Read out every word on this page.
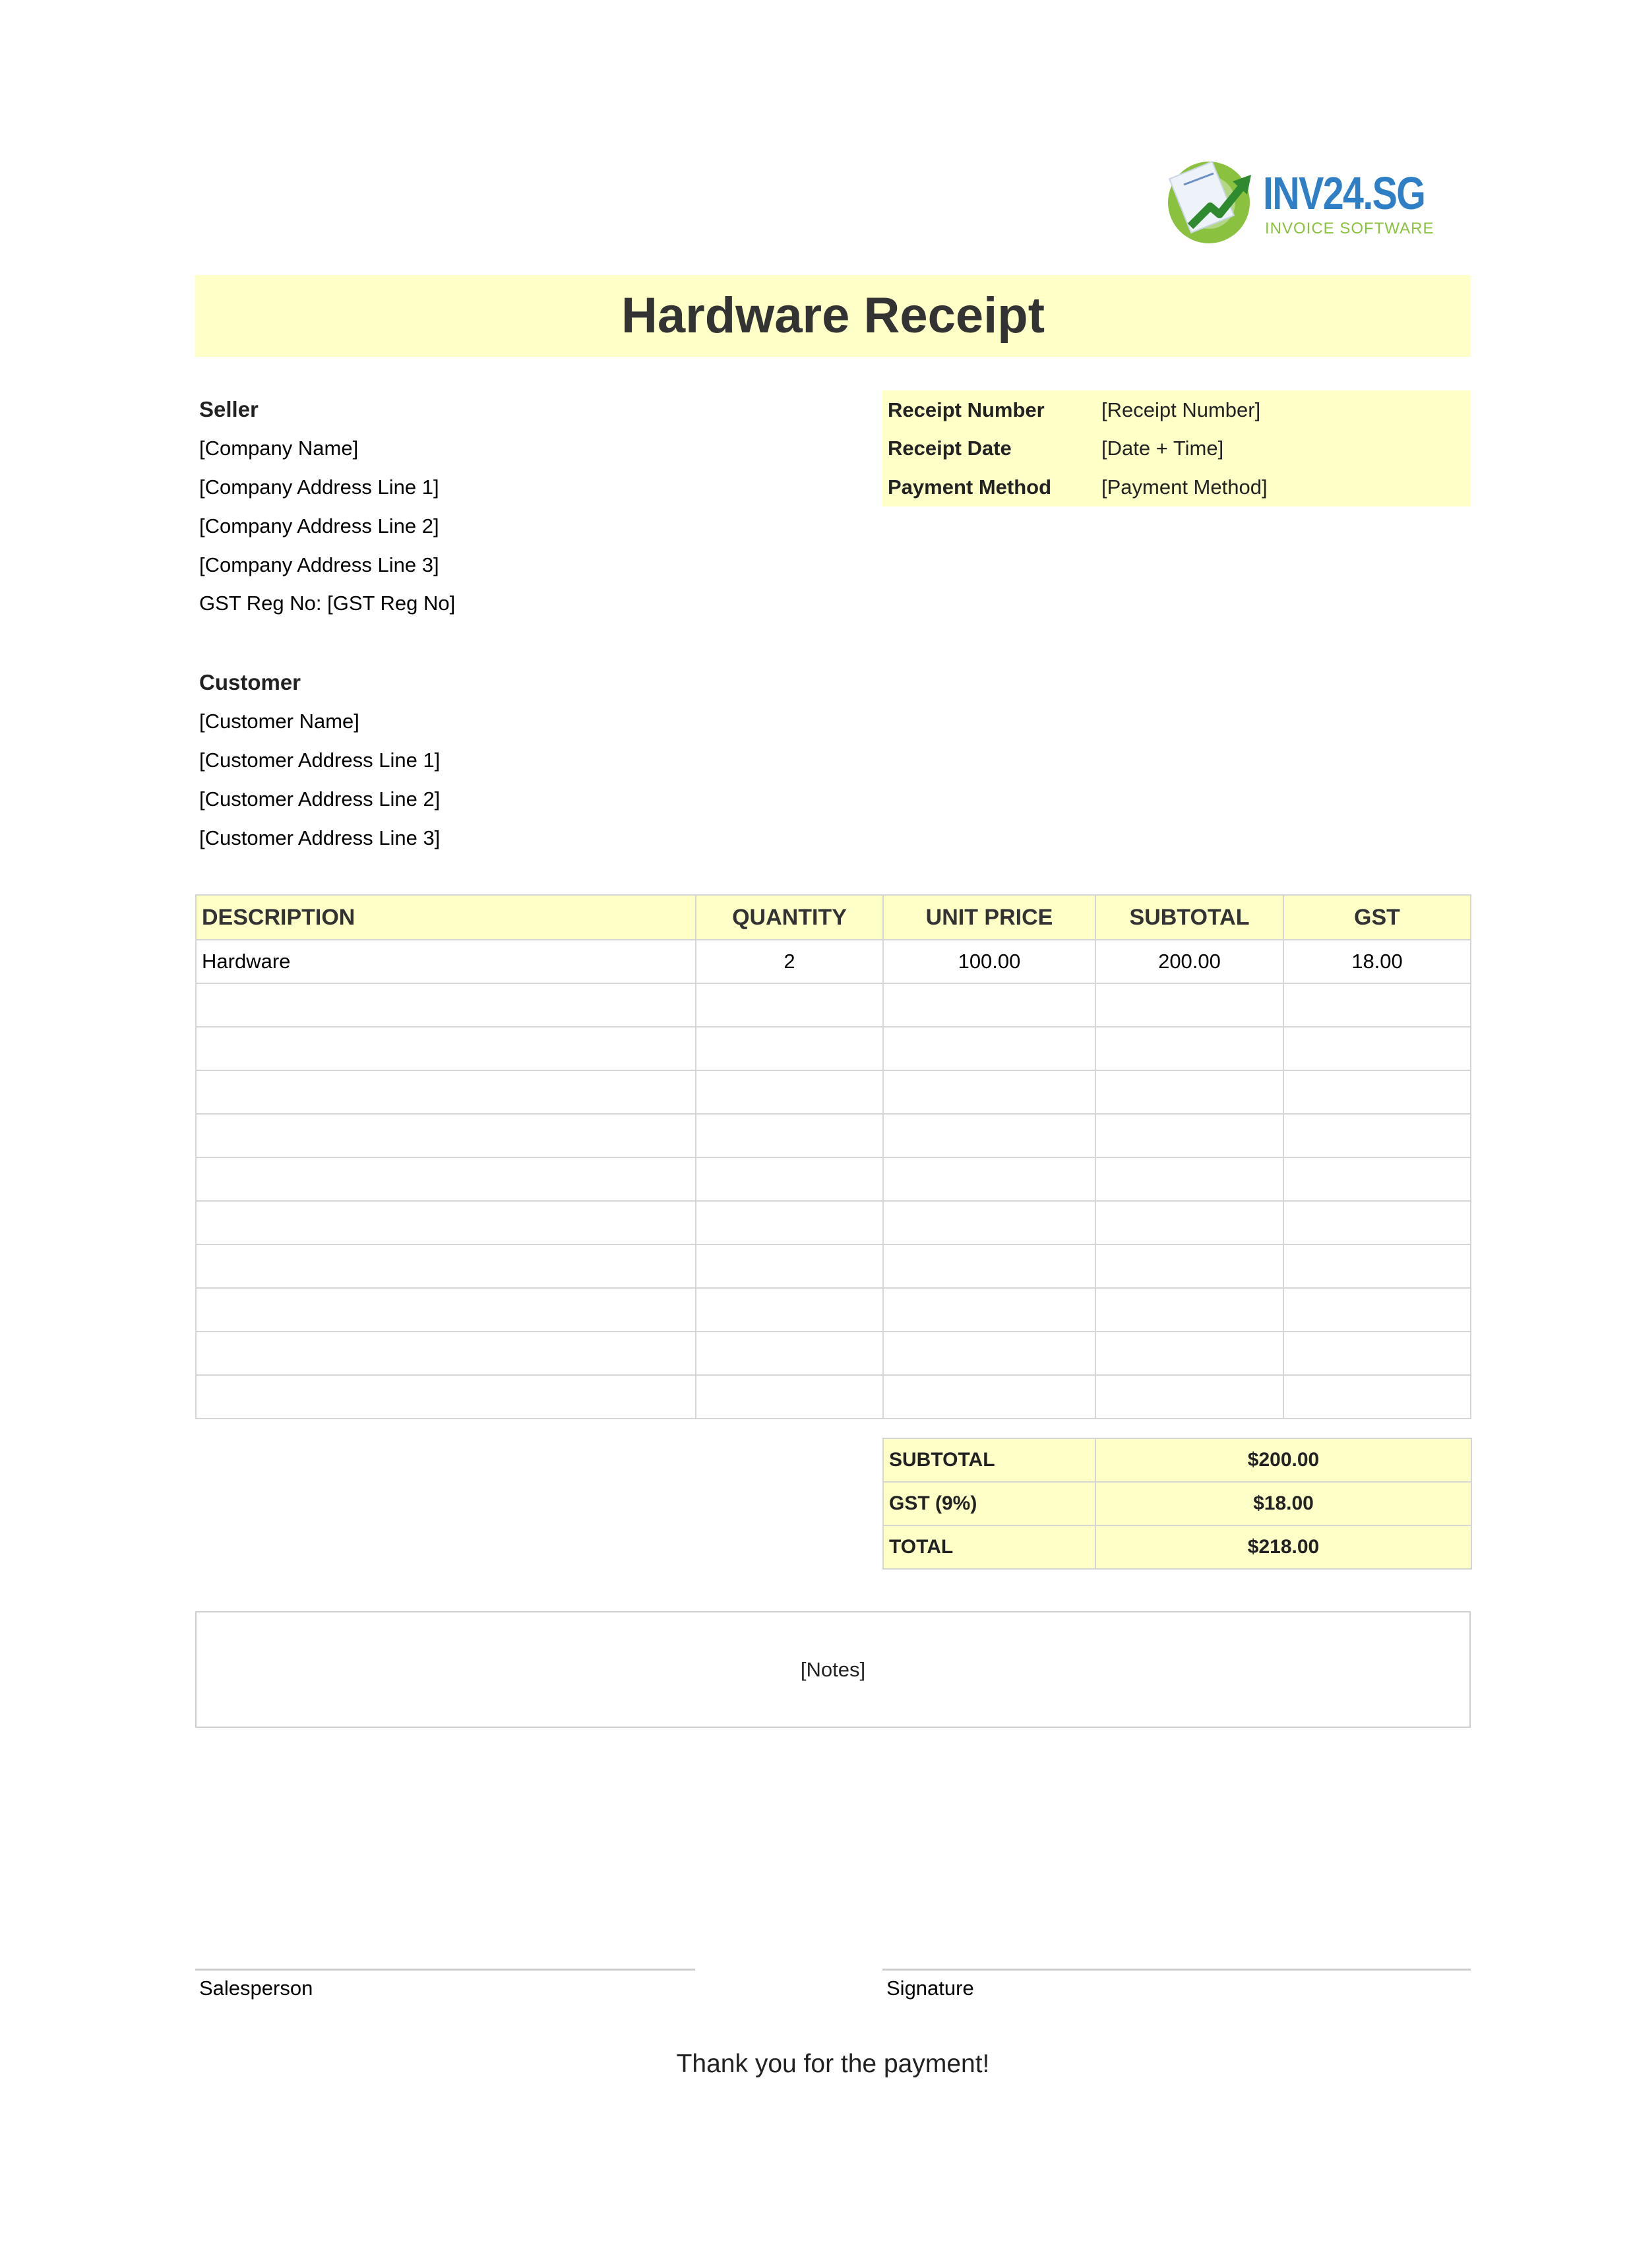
INV24.SG
INVOICE SOFTWARE
Hardware Receipt
Seller
[Company Name]
[Company Address Line 1]
[Company Address Line 2]
[Company Address Line 3]
GST Reg No: [GST Reg No]
Receipt Number	[Receipt Number]
Receipt Date	[Date + Time]
Payment Method [Payment Method]
Customer
[Customer Name]
[Customer Address Line 1]
[Customer Address Line 2]
[Customer Address Line 3]
DESCRIPTION	QUANTITY	UNIT PRICE	SUBTOTAL	GST
Hardware	2	100.00	200.00	18.00

SUBTOTAL	$200.00
GST (9%)	$18.00
TOTAL	$218.00
[Notes]
Salesperson	Signature
Thank you for the payment!
